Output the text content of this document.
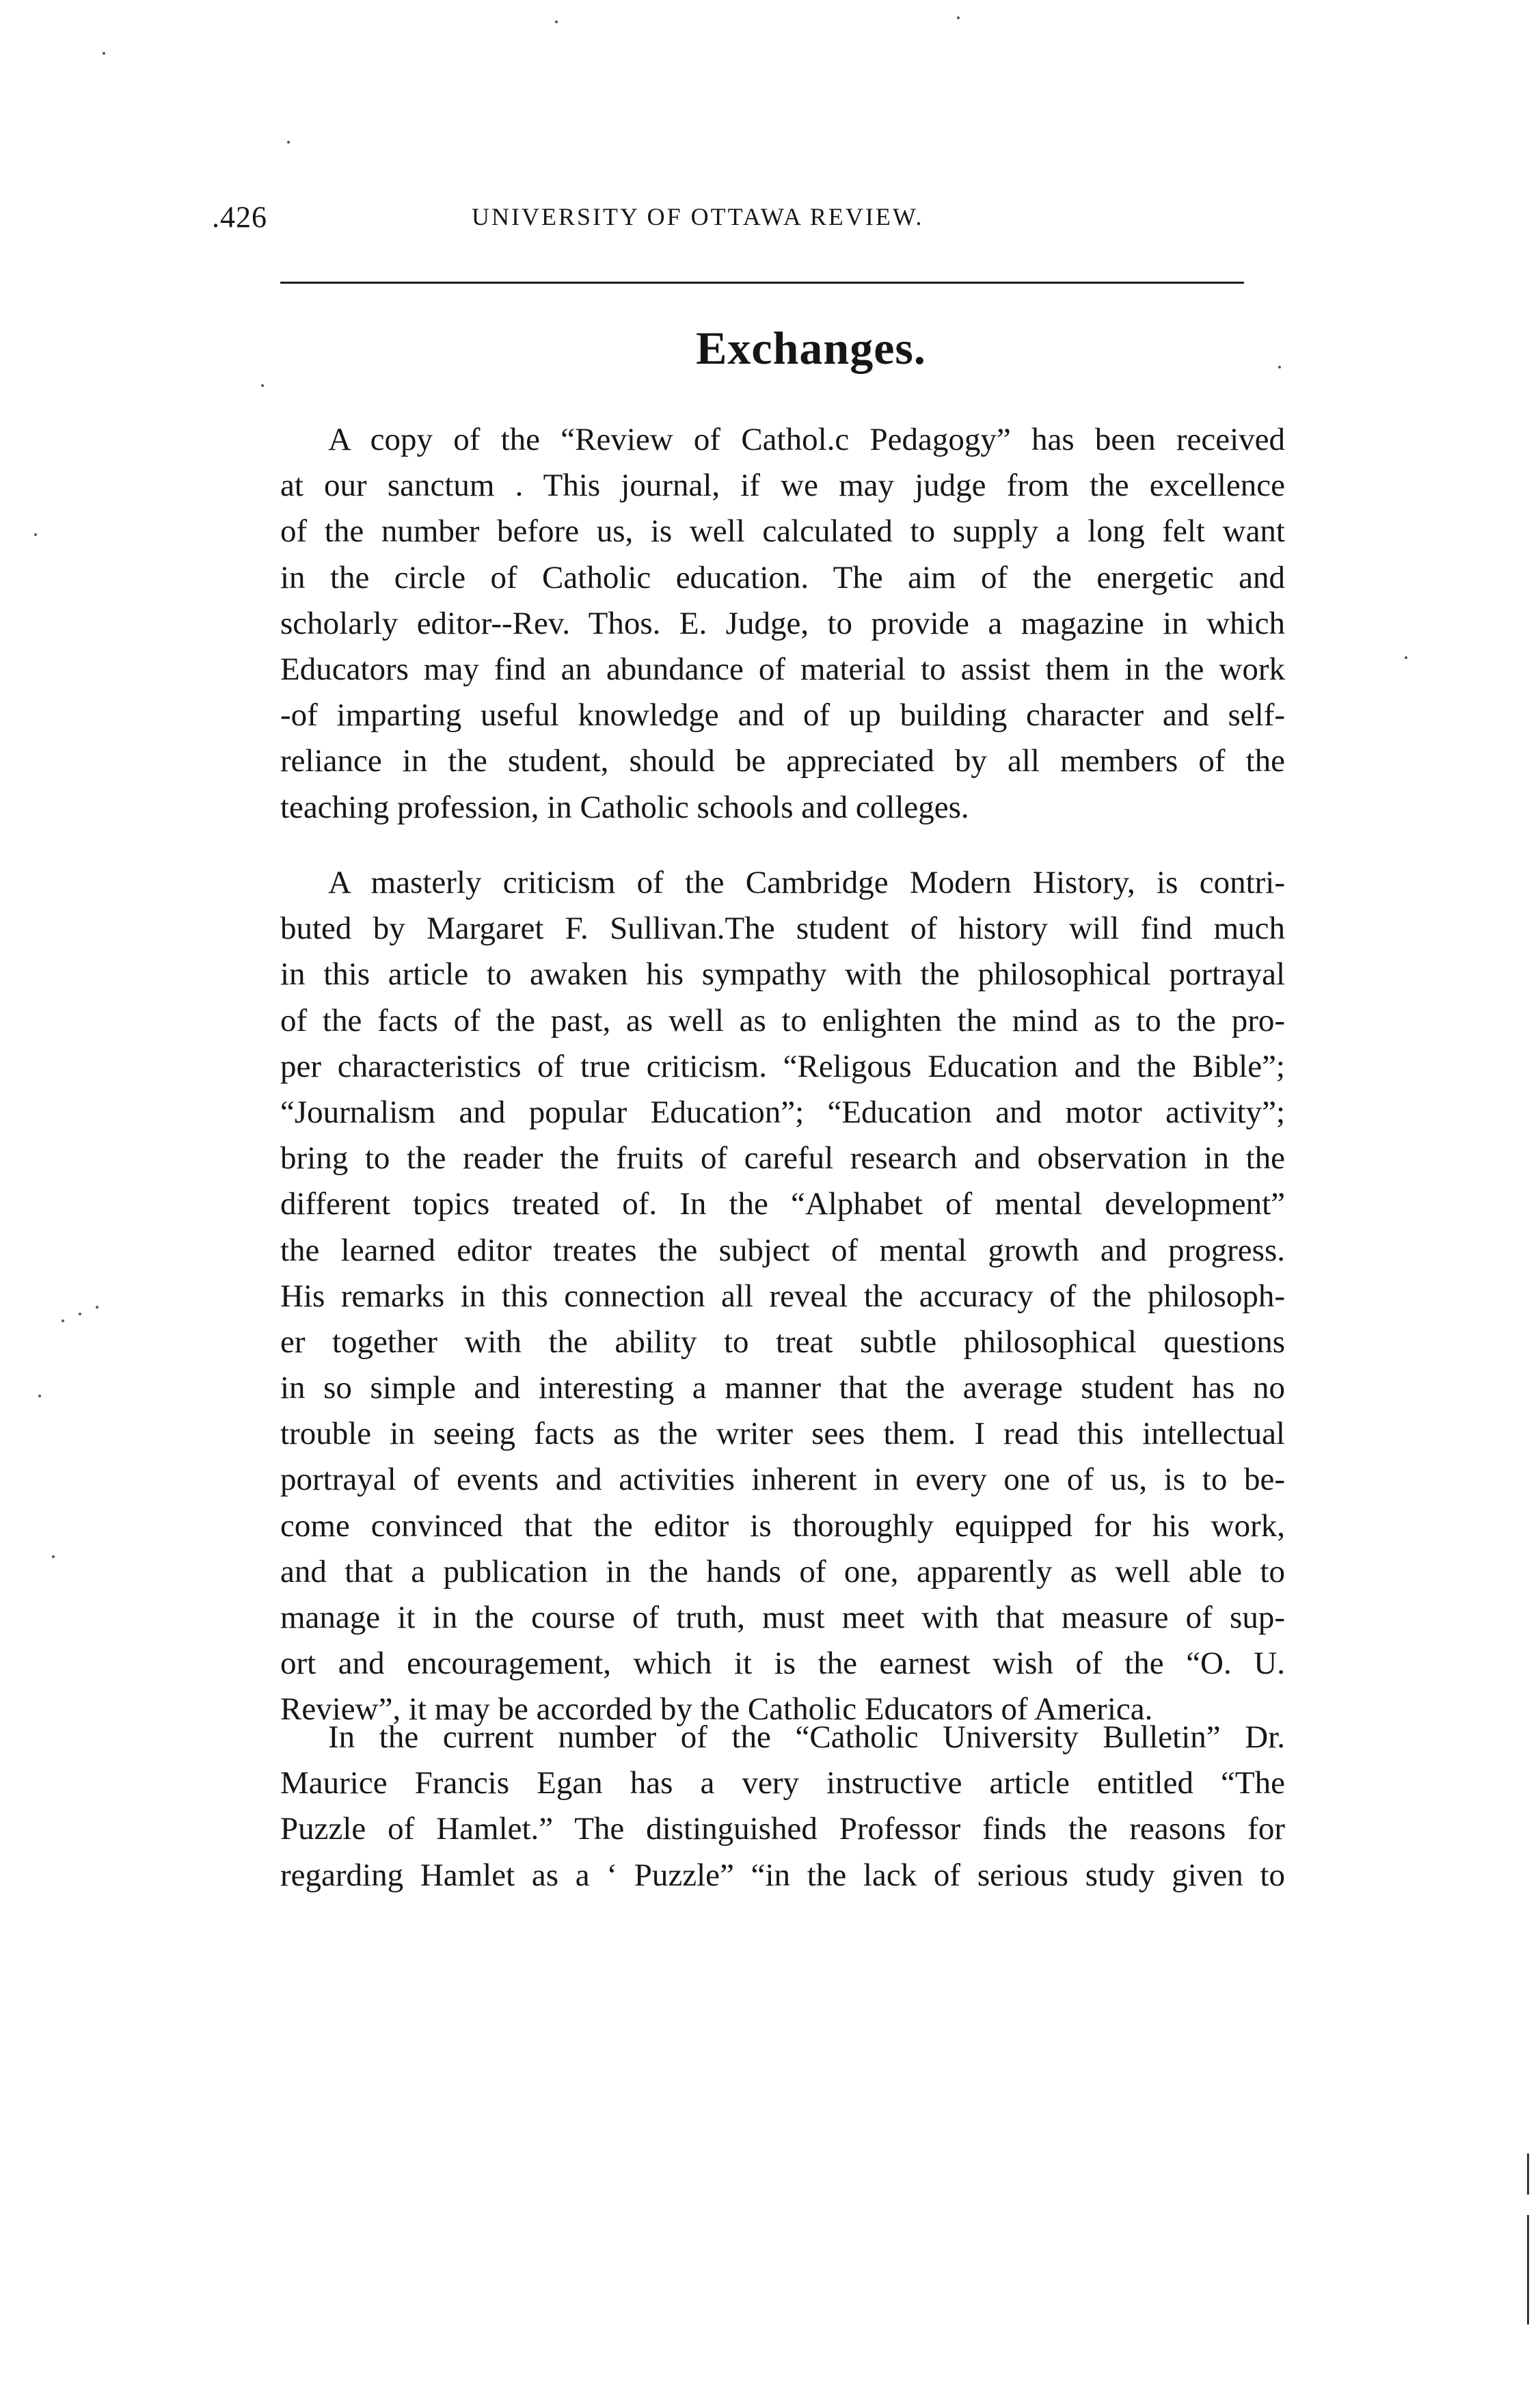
.426	UNIVERSITY OF OTTAWA REVIEW.
Exchanges.
A copy of the “Review of Cathol.c Pedagogy” has been received
at our sanctum . This journal, if we may judge from the excellence
of the number before us, is well calculated to supply a long felt want
in the circle of Catholic education. The aim of the energetic and
scholarly editor--Rev. Thos. E. Judge, to provide a magazine in which
Educators may find an abundance of material to assist them in the work
-of imparting useful knowledge and of up building character and self-
reliance in the student, should be appreciated by all members of the
teaching profession, in Catholic schools and colleges.
A masterly criticism of the Cambridge Modern History, is contri-
buted by Margaret F. Sullivan.The student of history will find much
in this article to awaken his sympathy with the philosophical portrayal
of the facts of the past, as well as to enlighten the mind as to the pro-
per characteristics of true criticism. “Religous Education and the Bible”;
“Journalism and popular Education”; “Education and motor activity”;
bring to the reader the fruits of careful research and observation in the
different topics treated of. In the “Alphabet of mental development”
the learned editor treates the subject of mental growth and progress.
His remarks in this connection all reveal the accuracy of the philosoph-
er together with the ability to treat subtle philosophical questions
in so simple and interesting a manner that the average student has no
trouble in seeing facts as the writer sees them. I read this intellectual
portrayal of events and activities inherent in every one of us, is to be-
come convinced that the editor is thoroughly equipped for his work,
and that a publication in the hands of one, apparently as well able to
manage it in the course of truth, must meet with that measure of sup-
ort and encouragement, which it is the earnest wish of the “O. U.
Review”, it may be accorded by the Catholic Educators of America.
In the current number of the “Catholic University Bulletin” Dr.
Maurice Francis Egan has a very instructive article entitled “The
Puzzle of Hamlet.” The distinguished Professor finds the reasons for
regarding Hamlet as a ‘ Puzzle” “in the lack of serious study given to
